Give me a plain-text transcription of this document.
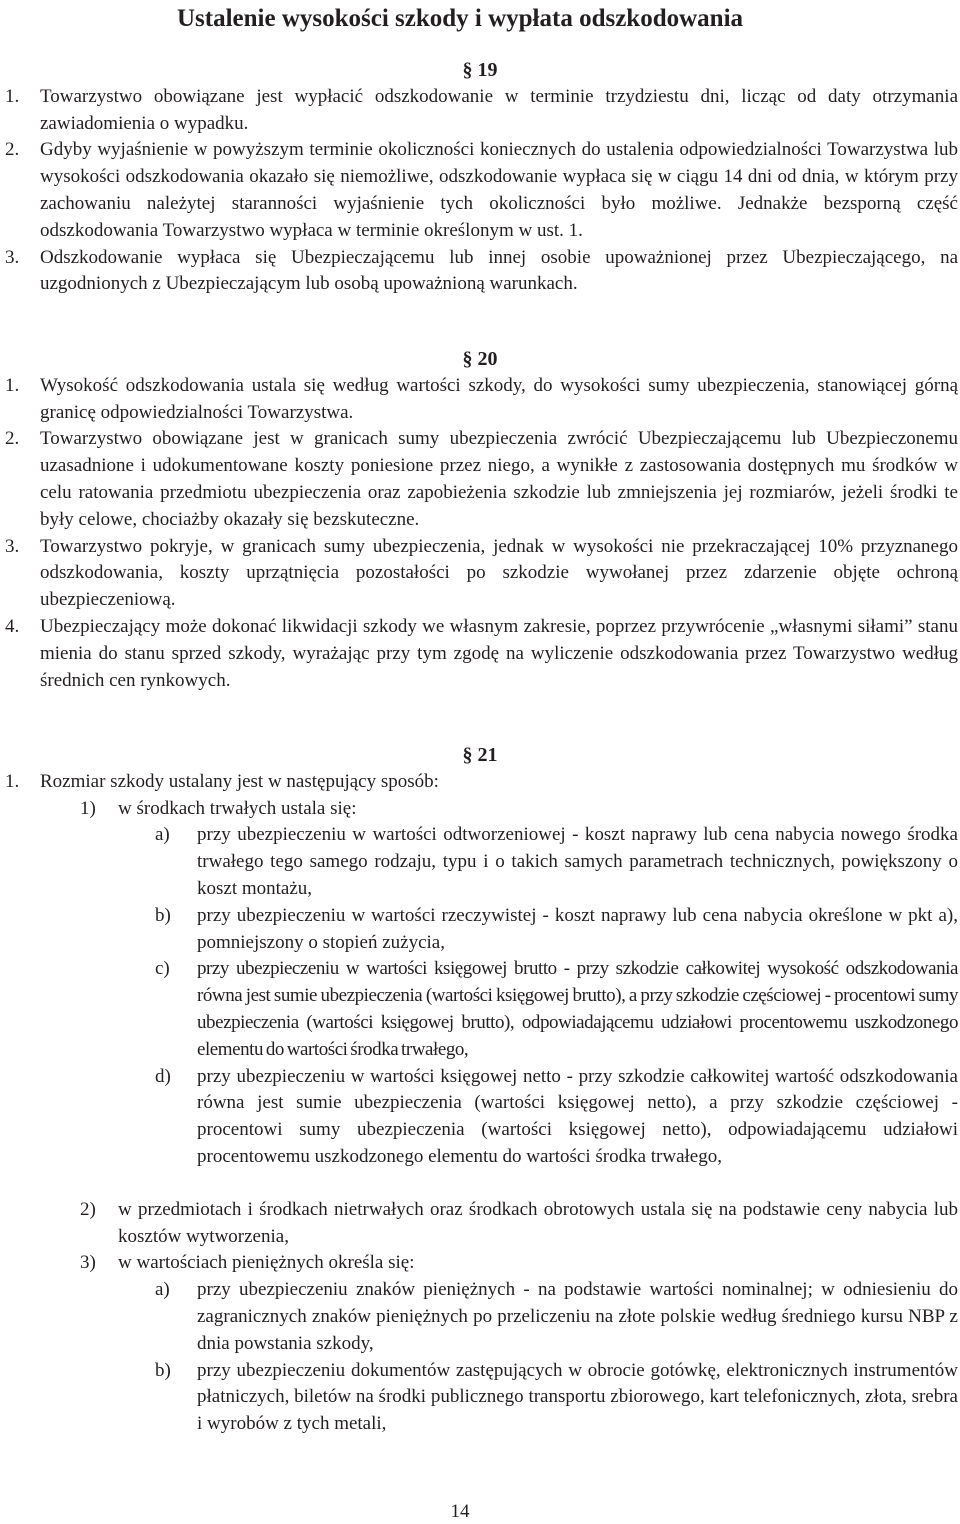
Ustalenie wysokości szkody i wypłata odszkodowania
§ 19
1.	Towarzystwo obowiązane jest wypłacić odszkodowanie w terminie trzydziestu dni, licząc od daty otrzymania zawiadomienia o wypadku.
2.	Gdyby wyjaśnienie w powyższym terminie okoliczności koniecznych do ustalenia odpowiedzialności Towarzystwa lub wysokości odszkodowania okazało się niemożliwe, odszkodowanie wypłaca się w ciągu 14 dni od dnia, w którym przy zachowaniu należytej staranności wyjaśnienie tych okoliczności było możliwe. Jednakże bezsporną część odszkodowania Towarzystwo wypłaca w terminie określonym w ust. 1.
3.	Odszkodowanie wypłaca się Ubezpieczającemu lub innej osobie upoważnionej przez Ubezpieczającego, na uzgodnionych z Ubezpieczającym lub osobą upoważnioną warunkach.
§ 20
1.	Wysokość odszkodowania ustala się według wartości szkody, do wysokości sumy ubezpieczenia, stanowiącej górną granicę odpowiedzialności Towarzystwa.
2.	Towarzystwo obowiązane jest w granicach sumy ubezpieczenia zwrócić Ubezpieczającemu lub Ubezpieczonemu uzasadnione i udokumentowane koszty poniesione przez niego, a wynikłe z zastosowania dostępnych mu środków w celu ratowania przedmiotu ubezpieczenia oraz zapobieżenia szkodzie lub zmniejszenia jej rozmiarów, jeżeli środki te były celowe, chociażby okazały się bezskuteczne.
3.	Towarzystwo pokryje, w granicach sumy ubezpieczenia, jednak w wysokości nie przekraczającej 10% przyznanego odszkodowania, koszty uprzątnięcia pozostałości po szkodzie wywołanej przez zdarzenie objęte ochroną ubezpieczeniową.
4.	Ubezpieczający może dokonać likwidacji szkody we własnym zakresie, poprzez przywrócenie „własnymi siłami” stanu mienia do stanu sprzed szkody, wyrażając przy tym zgodę na wyliczenie odszkodowania przez Towarzystwo według średnich cen rynkowych.
§ 21
1.	Rozmiar szkody ustalany jest w następujący sposób:
1)	w środkach trwałych ustala się:
a)	przy ubezpieczeniu w wartości odtworzeniowej - koszt naprawy lub cena nabycia nowego środka trwałego tego samego rodzaju, typu i o takich samych parametrach technicznych, powiększony o koszt montażu,
b)	przy ubezpieczeniu w wartości rzeczywistej - koszt naprawy lub cena nabycia określone w pkt a), pomniejszony o stopień zużycia,
c)	przy ubezpieczeniu w wartości księgowej brutto - przy szkodzie całkowitej wysokość odszkodowania równa jest sumie ubezpieczenia (wartości księgowej brutto), a przy szkodzie częściowej - procentowi sumy ubezpieczenia (wartości księgowej brutto), odpowiadającemu udziałowi procentowemu uszkodzonego elementu do wartości środka trwałego,
d)	przy ubezpieczeniu w wartości księgowej netto - przy szkodzie całkowitej wartość odszkodowania równa jest sumie ubezpieczenia (wartości księgowej netto), a przy szkodzie częściowej - procentowi sumy ubezpieczenia (wartości księgowej netto), odpowiadającemu udziałowi procentowemu uszkodzonego elementu do wartości środka trwałego,
2)	w przedmiotach i środkach nietrwałych oraz środkach obrotowych ustala się na podstawie ceny nabycia lub kosztów wytworzenia,
3)	w wartościach pieniężnych określa się:
a)	przy ubezpieczeniu znaków pieniężnych - na podstawie wartości nominalnej; w odniesieniu do zagranicznych znaków pieniężnych po przeliczeniu na złote polskie według średniego kursu NBP z dnia powstania szkody,
b)	przy ubezpieczeniu dokumentów zastępujących w obrocie gotówkę, elektronicznych instrumentów płatniczych, biletów na środki publicznego transportu zbiorowego, kart telefonicznych, złota, srebra i wyrobów z tych metali,
14
